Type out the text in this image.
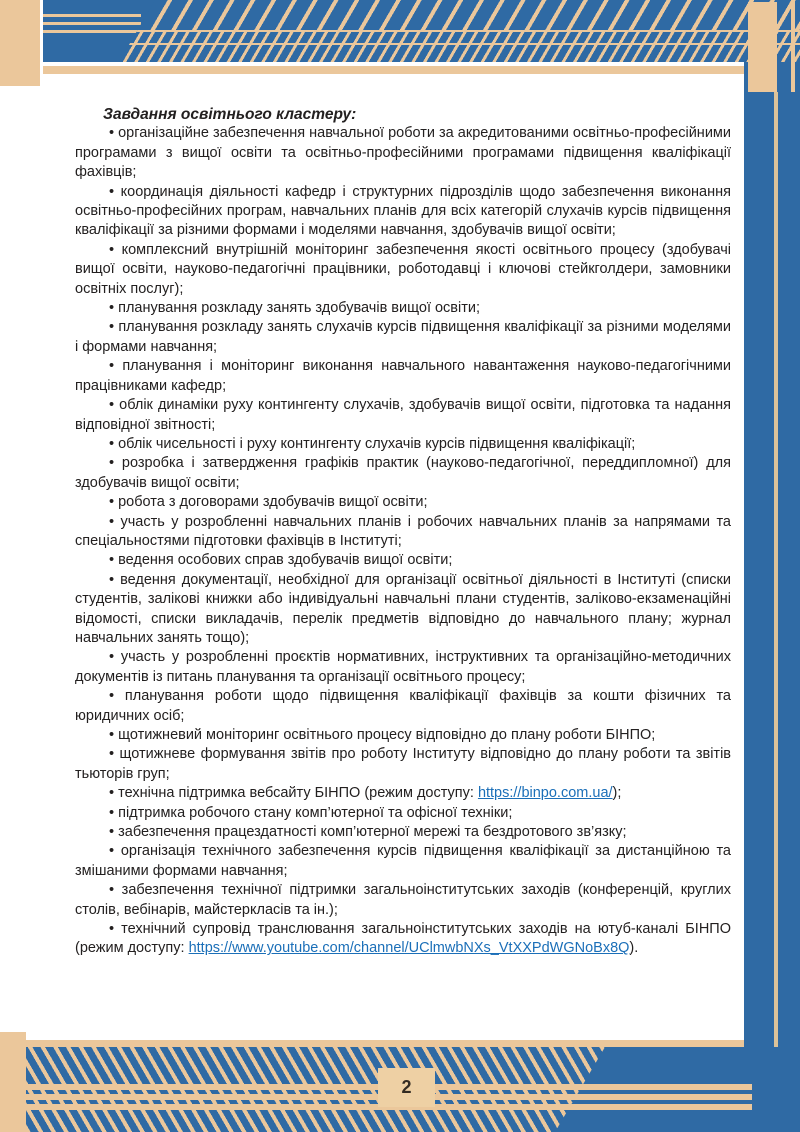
2

Завдання освітнього кластеру:

• організаційне забезпечення навчальної роботи за акредитованими освітньо-професійними програмами з вищої освіти та освітньо-професійними програмами підвищення кваліфікації фахівців;

• координація діяльності кафедр і структурних підрозділів щодо забезпечення виконання освітньо-професійних програм, навчальних планів для всіх категорій слухачів курсів підвищення кваліфікації за різними формами і моделями навчання, здобувачів вищої освіти;

• комплексний внутрішній моніторинг забезпечення якості освітнього процесу (здобувачі вищої освіти, науково-педагогічні працівники, роботодавці і ключові стейкголдери, замовники освітніх послуг);

• планування розкладу занять здобувачів вищої освіти;

• планування розкладу занять слухачів курсів підвищення кваліфікації за різними моделями і формами навчання;

• планування і моніторинг виконання навчального навантаження науково-педагогічними працівниками кафедр;

• облік динаміки руху контингенту слухачів, здобувачів вищої освіти, підготовка та надання відповідної звітності;

• облік чисельності і руху контингенту слухачів курсів підвищення кваліфікації;

• розробка і затвердження графіків практик (науково-педагогічної, переддипломної) для здобувачів вищої освіти;

• робота з договорами здобувачів вищої освіти;

• участь у розробленні навчальних планів і робочих навчальних планів за напрямами та спеціальностями підготовки фахівців в Інституті;

• ведення особових справ здобувачів вищої освіти;

• ведення документації, необхідної для організації освітньої діяльності в Інституті (списки студентів, залікові книжки або індивідуальні навчальні плани студентів, заліково-екзаменаційні відомості, списки викладачів, перелік предметів відповідно до навчального плану; журнал навчальних занять тощо);

• участь у розробленні проєктів нормативних, інструктивних та організаційно-методичних документів із питань планування та організації освітнього процесу;

• планування роботи щодо підвищення кваліфікації фахівців за кошти фізичних та юридичних осіб;

• щотижневий моніторинг освітнього процесу відповідно до плану роботи БІНПО;

• щотижневе формування звітів про роботу Інституту відповідно до плану роботи та звітів тьюторів груп;

• технічна підтримка вебсайту БІНПО (режим доступу: https://binpo.com.ua/);

• підтримка робочого стану комп’ютерної та офісної техніки;

• забезпечення працездатності комп’ютерної мережі та бездротового зв’язку;

• організація технічного забезпечення курсів підвищення кваліфікації за дистанційною та змішаними формами навчання;

• забезпечення технічної підтримки загальноінститутських заходів (конференцій, круглих столів, вебінарів, майстеркласів та ін.);

• технічний супровід транслювання загальноінститутських заходів на ютуб-каналі БІНПО (режим доступу: https://www.youtube.com/channel/UClmwbNXs_VtXXPdWGNoBx8Q).
